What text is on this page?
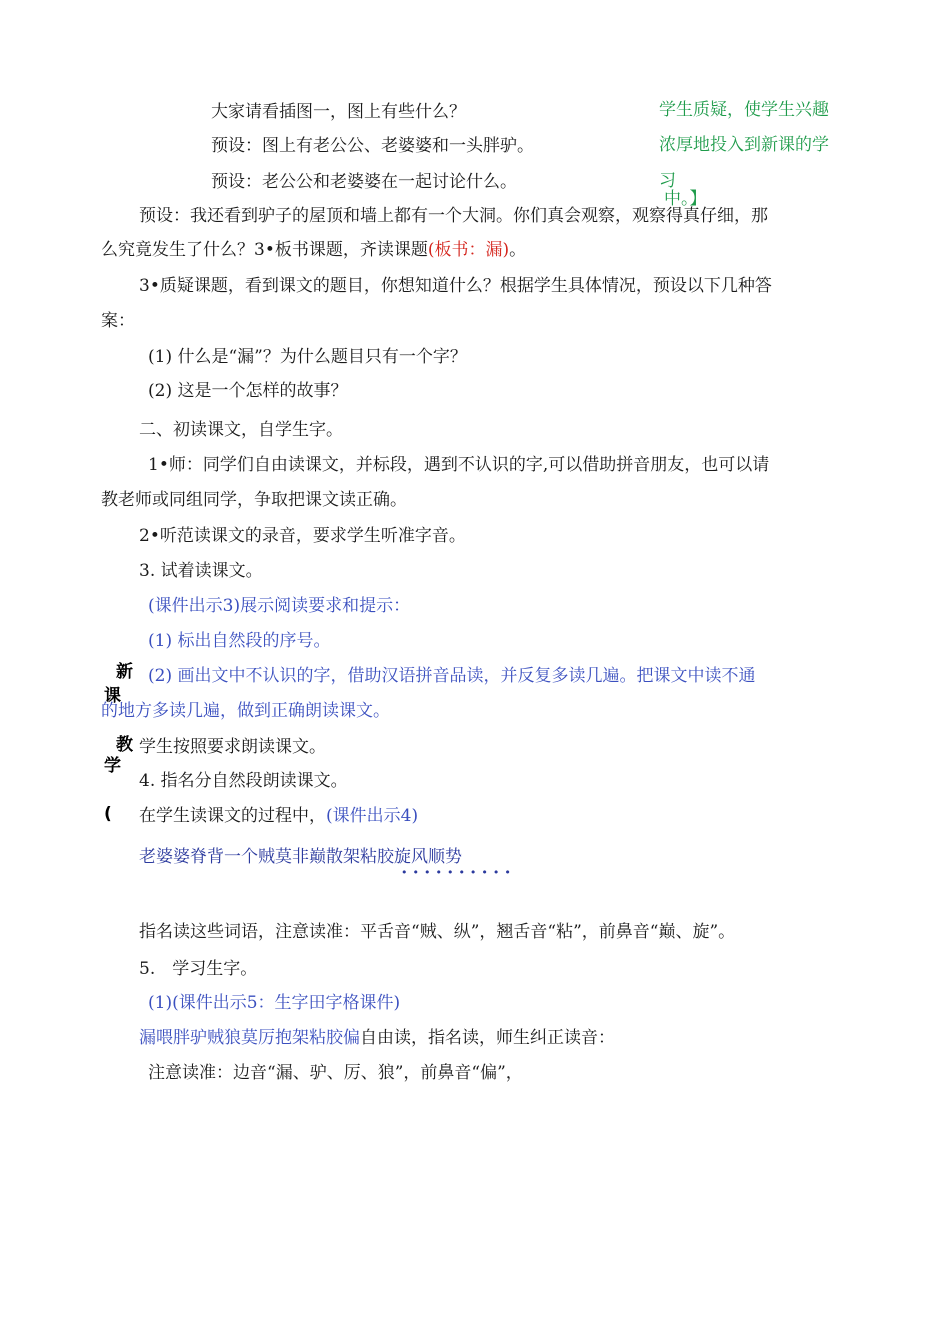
学生质疑，使学生兴趣
浓厚地投入到新课的学
习
中。】
大家请看插图一，图上有些什么？
预设：图上有老公公、老婆婆和一头胖驴。
预设：老公公和老婆婆在一起讨论什么。
预设：我还看到驴子的屋顶和墙上都有一个大洞。你们真会观察，观察得真仔细，那
么究竟发生了什么？3•板书课题，齐读课题(板书：漏)。
3•质疑课题，看到课文的题目，你想知道什么？根据学生具体情况，预设以下几种答
案：
(1) 什么是“漏”？为什么题目只有一个字？
(2) 这是一个怎样的故事？
二、初读课文，自学生字。
1•师：同学们自由读课文，并标段，遇到不认识的字,可以借助拼音朋友，也可以请
教老师或同组同学，争取把课文读正确。
2•听范读课文的录音，要求学生听准字音。
3. 试着读课文。
(课件出示3)展示阅读要求和提示：
(1) 标出自然段的序号。
(2) 画出文中不认识的字，借助汉语拼音品读，并反复多读几遍。把课文中读不通
的地方多读几遍，做到正确朗读课文。
学生按照要求朗读课文。
4. 指名分自然段朗读课文。
在学生读课文的过程中，(课件出示4)
老婆婆脊背一个贼莫非巅散架粘胶旋风顺势
••••••••••
指名读这些词语，注意读准：平舌音“贼、纵”，翘舌音“粘”，前鼻音“巅、旋”。
5.　学习生字。
(1)(课件出示5：生字田字格课件)
漏喂胖驴贼狼莫厉抱架粘胶偏自由读，指名读，师生纠正读音：
注意读准：边音“漏、驴、厉、狼”，前鼻音“偏”，
新
课
教
学
(
